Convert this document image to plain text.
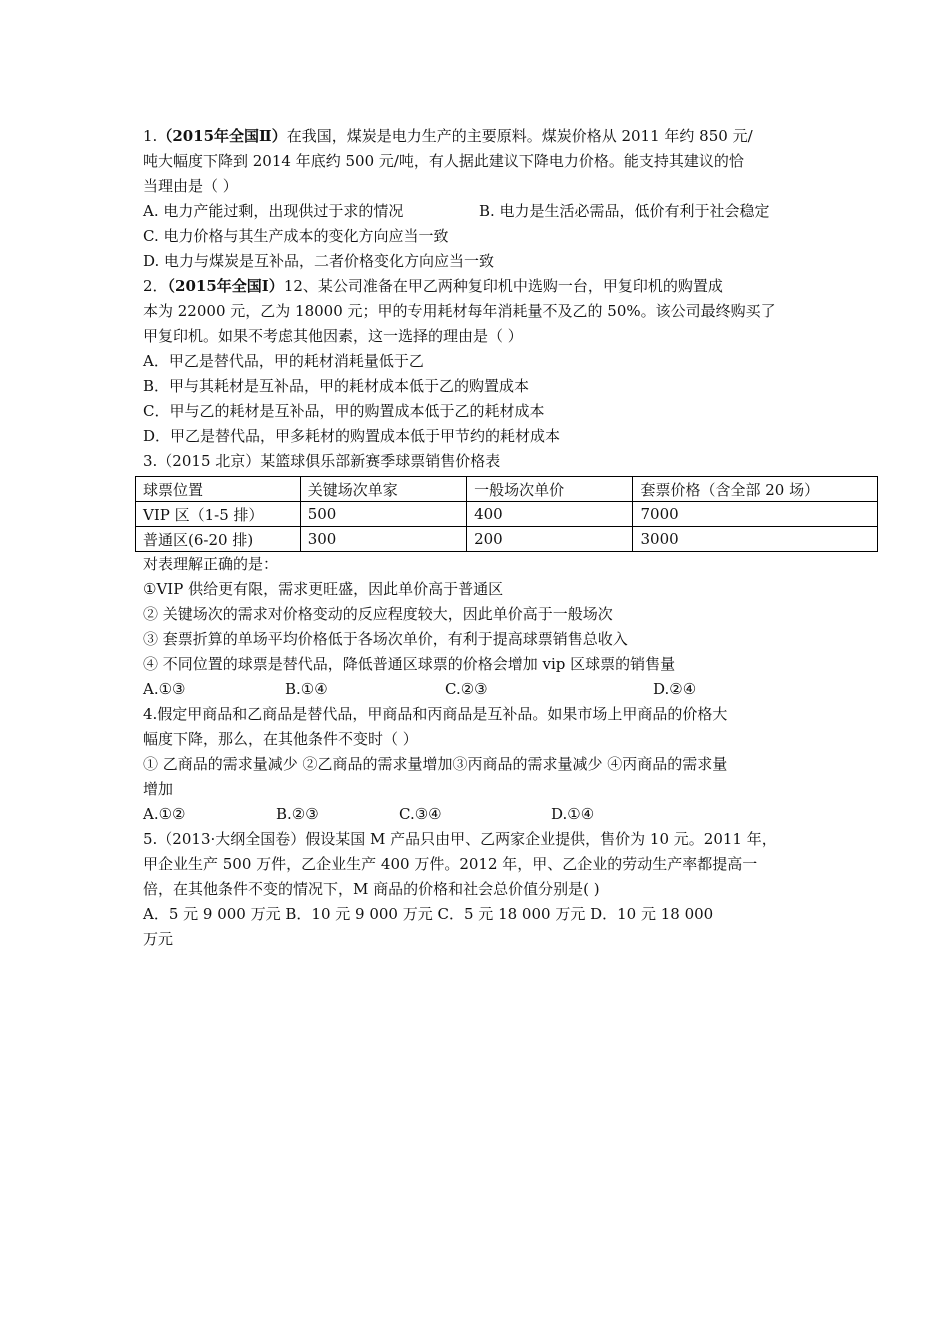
1.（2015年全国Ⅱ）在我国，煤炭是电力生产的主要原料。煤炭价格从 2011 年约 850 元/
吨大幅度下降到 2014 年底约 500 元/吨，有人据此建议下降电力价格。能支持其建议的恰
当理由是（ ）
A. 电力产能过剩，出现供过于求的情况	B. 电力是生活必需品，低价有利于社会稳定
C. 电力价格与其生产成本的变化方向应当一致
D. 电力与煤炭是互补品，二者价格变化方向应当一致
2．（2015年全国Ⅰ）12、某公司准备在甲乙两种复印机中选购一台，甲复印机的购置成
本为 22000 元，乙为 18000 元；甲的专用耗材每年消耗量不及乙的 50%。该公司最终购买了
甲复印机。如果不考虑其他因素，这一选择的理由是（ ）
A．甲乙是替代品，甲的耗材消耗量低于乙
B．甲与其耗材是互补品，甲的耗材成本低于乙的购置成本
C．甲与乙的耗材是互补品，甲的购置成本低于乙的耗材成本
D．甲乙是替代品，甲多耗材的购置成本低于甲节约的耗材成本
3.（2015 北京）某篮球俱乐部新赛季球票销售价格表
球票位置	关键场次单家	一般场次单价	套票价格（含全部 20 场）
VIP 区（1-5 排）	500	400	7000
普通区(6-20 排)	300	200	3000
对表理解正确的是：
①VIP 供给更有限，需求更旺盛，因此单价高于普通区
② 关键场次的需求对价格变动的反应程度较大，因此单价高于一般场次
③ 套票折算的单场平均价格低于各场次单价，有利于提高球票销售总收入
④ 不同位置的球票是替代品，降低普通区球票的价格会增加 vip 区球票的销售量
A.①③	B.①④	C.②③	D.②④
4.假定甲商品和乙商品是替代品，甲商品和丙商品是互补品。如果市场上甲商品的价格大
幅度下降，那么，在其他条件不变时（ ）
① 乙商品的需求量减少 ②乙商品的需求量增加③丙商品的需求量减少 ④丙商品的需求量
增加
A.①②	B.②③	C.③④	D.①④
5.（2013·大纲全国卷）假设某国 M 产品只由甲、乙两家企业提供，售价为 10 元。2011 年，
甲企业生产 500 万件，乙企业生产 400 万件。2012 年，甲、乙企业的劳动生产率都提高一
倍，在其他条件不变的情况下，M 商品的价格和社会总价值分别是( )
A．5 元 9 000 万元 B．10 元 9 000 万元 C．5 元 18 000 万元 D．10 元 18 000
万元
